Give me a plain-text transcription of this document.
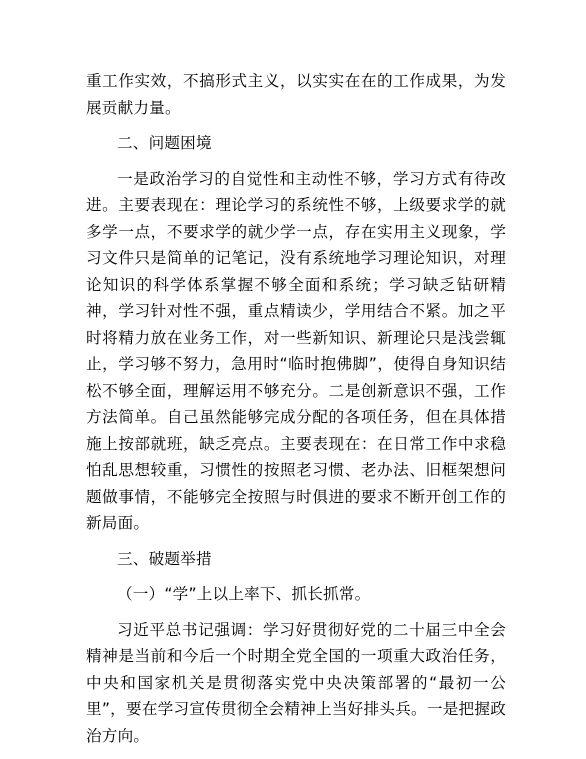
重工作实效，不搞形式主义，以实实在在的工作成果，为发展贡献力量。

二、问题困境

一是政治学习的自觉性和主动性不够，学习方式有待改进。主要表现在：理论学习的系统性不够，上级要求学的就多学一点，不要求学的就少学一点，存在实用主义现象，学习文件只是简单的记笔记，没有系统地学习理论知识，对理论知识的科学体系掌握不够全面和系统；学习缺乏钻研精神，学习针对性不强，重点精读少，学用结合不紧。加之平时将精力放在业务工作，对一些新知识、新理论只是浅尝辄止，学习够不努力，急用时“临时抱佛脚”，使得自身知识结松不够全面，理解运用不够充分。二是创新意识不强，工作方法简单。自己虽然能够完成分配的各项任务，但在具体措施上按部就班，缺乏亮点。主要表现在：在日常工作中求稳怕乱思想较重，习惯性的按照老习惯、老办法、旧框架想问题做事情，不能够完全按照与时俱进的要求不断开创工作的新局面。

三、破题举措

（一）“学”上以上率下、抓长抓常。

习近平总书记强调：学习好贯彻好党的二十届三中全会精神是当前和今后一个时期全党全国的一项重大政治任务，中央和国家机关是贯彻落实党中央决策部署的“最初一公里”，要在学习宣传贯彻全会精神上当好排头兵。一是把握政治方向。
